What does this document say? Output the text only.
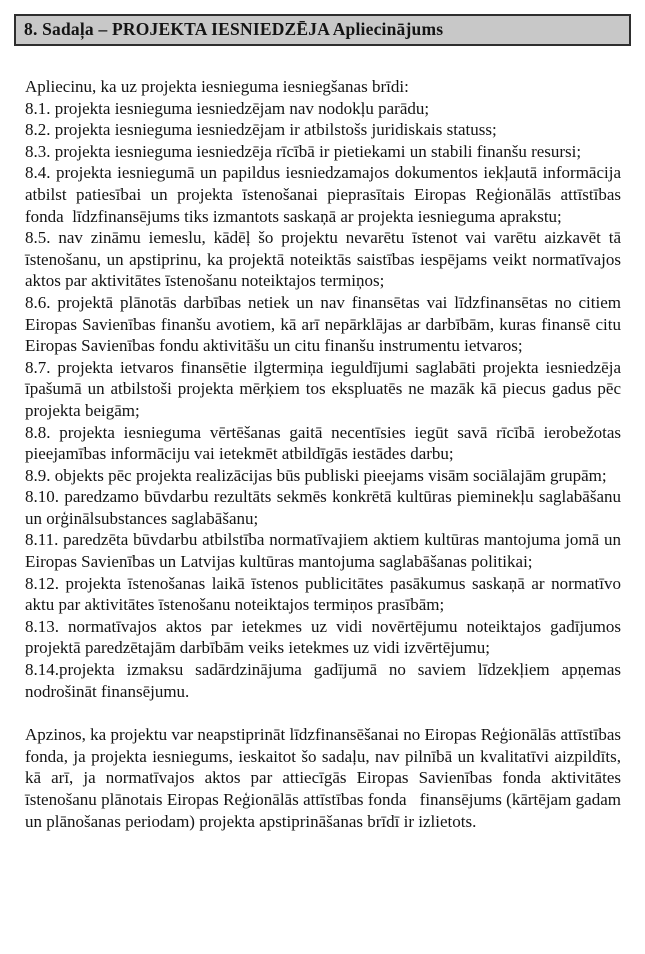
8. Sadaļa – PROJEKTA IESNIEDZĒJA Apliecinājums

Apliecinu, ka uz projekta iesnieguma iesniegšanas brīdi:

8.1. projekta iesnieguma iesniedzējam nav nodokļu parādu;

8.2. projekta iesnieguma iesniedzējam ir atbilstošs juridiskais statuss;

8.3. projekta iesnieguma iesniedzēja rīcībā ir pietiekami un stabili finanšu resursi;

8.4. projekta iesniegumā un papildus iesniedzamajos dokumentos iekļautā informācija atbilst patiesībai un projekta īstenošanai pieprasītais Eiropas Reģionālās attīstības fonda  līdzfinansējums tiks izmantots saskaņā ar projekta iesnieguma aprakstu;

8.5. nav zināmu iemeslu, kādēļ šo projektu nevarētu īstenot vai varētu aizkavēt tā īstenošanu, un apstiprinu, ka projektā noteiktās saistības iespējams veikt normatīvajos aktos par aktivitātes īstenošanu noteiktajos termiņos;

8.6. projektā plānotās darbības netiek un nav finansētas vai līdzfinansētas no citiem Eiropas Savienības finanšu avotiem, kā arī nepārklājas ar darbībām, kuras finansē citu Eiropas Savienības fondu aktivitāšu un citu finanšu instrumentu ietvaros;

8.7. projekta ietvaros finansētie ilgtermiņa ieguldījumi saglabāti projekta iesniedzēja īpašumā un atbilstoši projekta mērķiem tos ekspluatēs ne mazāk kā piecus gadus pēc projekta beigām;

8.8. projekta iesnieguma vērtēšanas gaitā necentīsies iegūt savā rīcībā ierobežotas pieejamības informāciju vai ietekmēt atbildīgās iestādes darbu;

8.9. objekts pēc projekta realizācijas būs publiski pieejams visām sociālajām grupām;

8.10. paredzamo būvdarbu rezultāts sekmēs konkrētā kultūras pieminekļu saglabāšanu un orģinālsubstances saglabāšanu;

8.11. paredzēta būvdarbu atbilstība normatīvajiem aktiem kultūras mantojuma jomā un Eiropas Savienības un Latvijas kultūras mantojuma saglabāšanas politikai;

8.12. projekta īstenošanas laikā īstenos publicitātes pasākumus saskaņā ar normatīvo aktu par aktivitātes īstenošanu noteiktajos termiņos prasībām;

8.13. normatīvajos aktos par ietekmes uz vidi novērtējumu noteiktajos gadījumos projektā paredzētajām darbībām veiks ietekmes uz vidi izvērtējumu;

8.14.projekta izmaksu sadārdzinājuma gadījumā no saviem līdzekļiem apņemas nodrošināt finansējumu.

Apzinos, ka projektu var neapstiprināt līdzfinansēšanai no Eiropas Reģionālās attīstības fonda, ja projekta iesniegums, ieskaitot šo sadaļu, nav pilnībā un kvalitatīvi aizpildīts, kā arī, ja normatīvajos aktos par attiecīgās Eiropas Savienības fonda aktivitātes īstenošanu plānotais Eiropas Reģionālās attīstības fonda   finansējums (kārtējam gadam un plānošanas periodam) projekta apstiprināšanas brīdī ir izlietots.
